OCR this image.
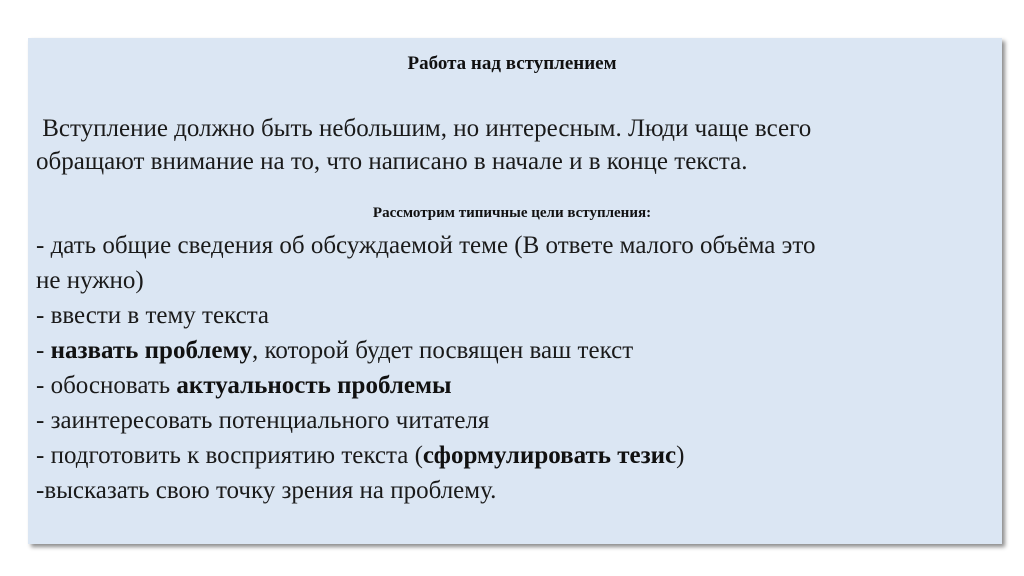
Работа над вступлением
Вступление должно быть небольшим, но интересным. Люди чаще всего
обращают внимание на то, что написано в начале и в конце текста.
Рассмотрим типичные цели вступления:
- дать общие сведения об обсуждаемой теме (В ответе малого объёма это
не нужно)
- ввести в тему текста
- назвать проблему, которой будет посвящен ваш текст
- обосновать актуальность проблемы
- заинтересовать потенциального читателя
- подготовить к восприятию текста (сформулировать тезис)
-высказать свою точку зрения на проблему.
